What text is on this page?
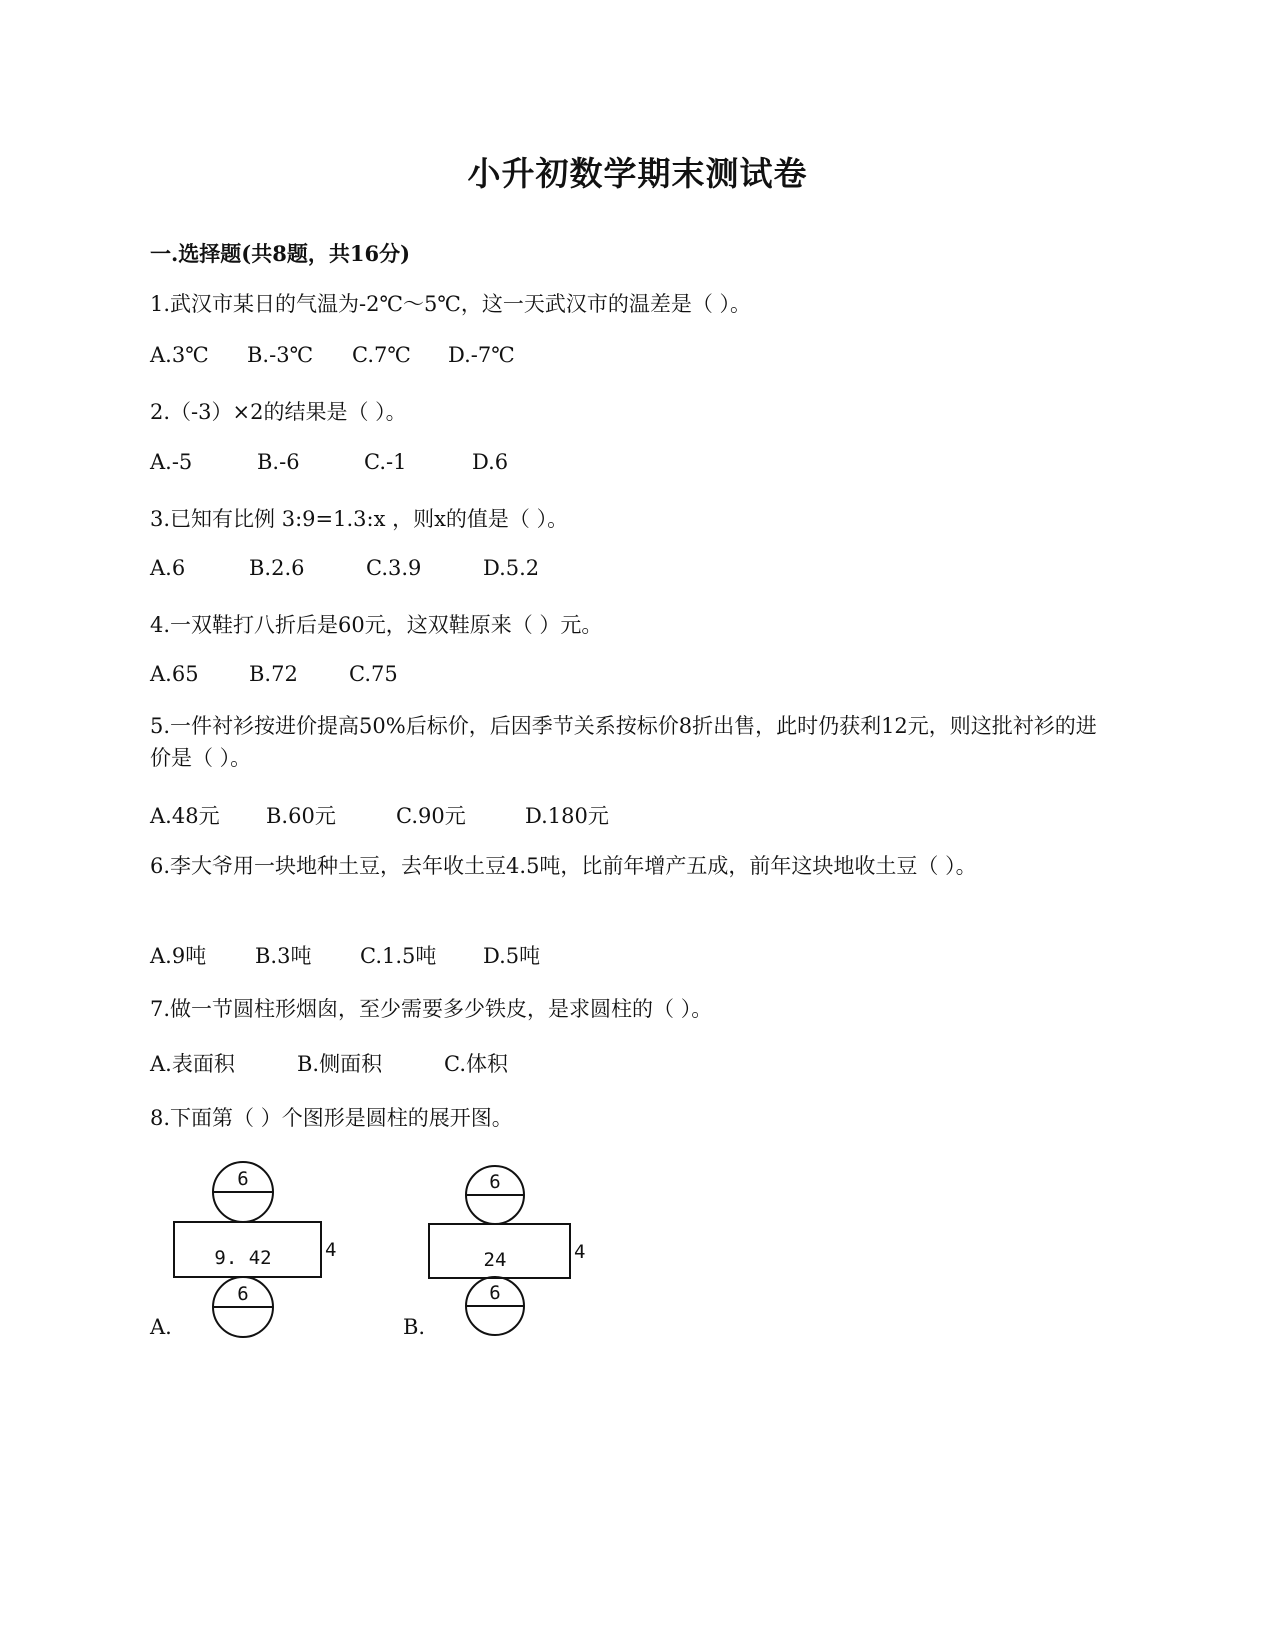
小升初数学期末测试卷
一.选择题(共8题，共16分)
1.武汉市某日的气温为-2℃～5℃，这一天武汉市的温差是（ ）。
A.3℃ B.-3℃ C.7℃ D.-7℃
2.（-3）×2的结果是（ ）。
A.-5	B.-6	C.-1	D.6
3.已知有比例 3:9=1.3:x ，则x的值是（ ）。
A.6	B.2.6	C.3.9	D.5.2
4.一双鞋打八折后是60元，这双鞋原来（ ）元。
A.65 B.72 C.75
5.一件衬衫按进价提高50%后标价，后因季节关系按标价8折出售，此时仍获利12元，则这批衬衫的进价是（ ）。
A.48元 B.60元	C.90元	D.180元
6.李大爷用一块地种土豆，去年收土豆4.5吨，比前年增产五成，前年这块地收土豆（ ）。
A.9吨 B.3吨 C.1.5吨 D.5吨
7.做一节圆柱形烟囱，至少需要多少铁皮，是求圆柱的（ ）。
A.表面积	B.侧面积	C.体积
8.下面第（ ）个图形是圆柱的展开图。
6
9. 42	4
6
A.
6
24	4
6
B.
